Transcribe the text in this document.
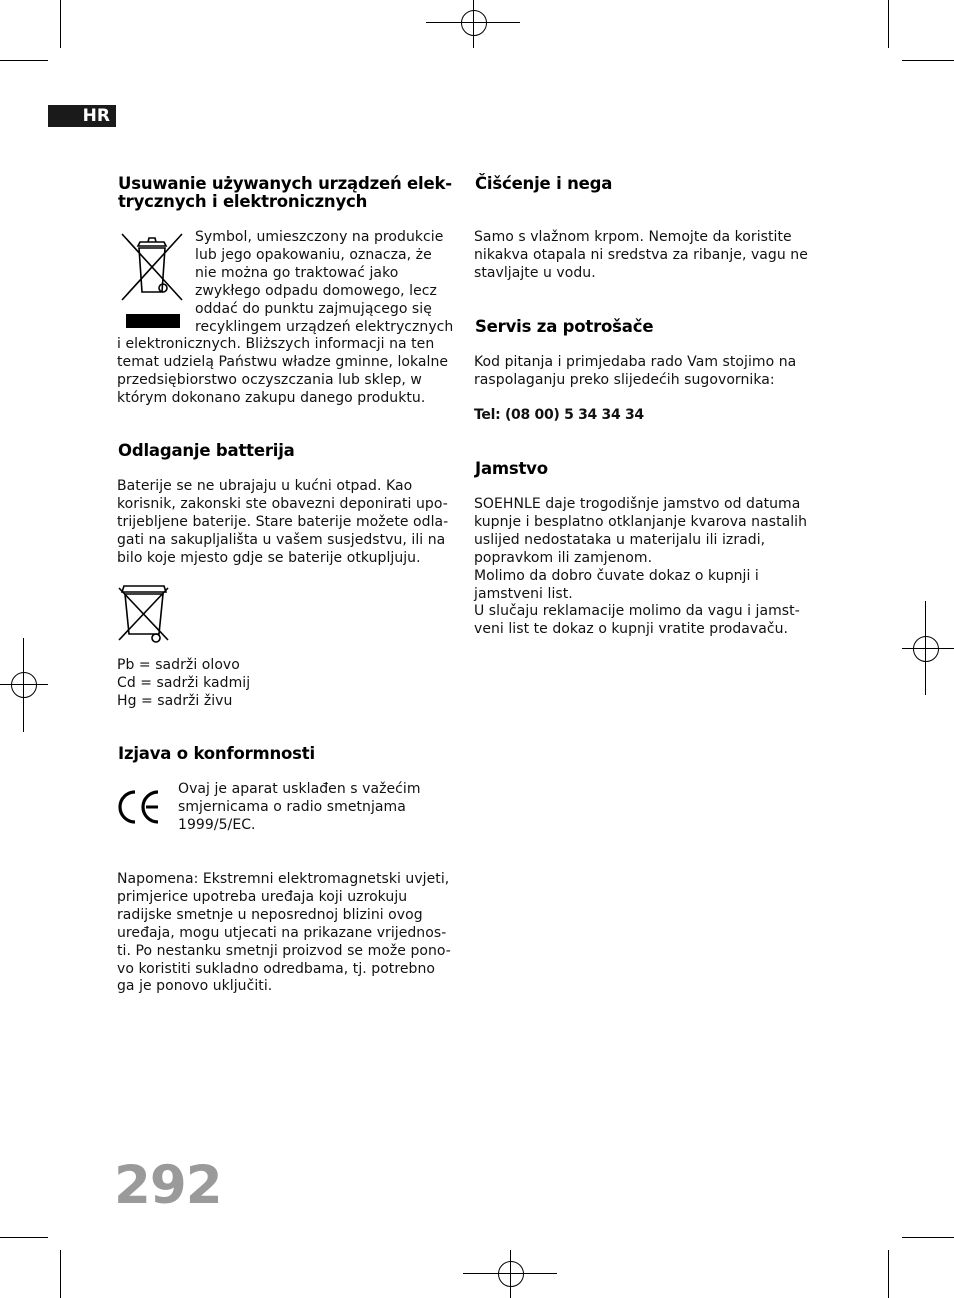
HR
Usuwanie używanych urządzeń elek-
trycznych i elektronicznych

Symbol, umieszczony na produkcie
lub jego opakowaniu, oznacza, że
nie można go traktować jako
zwykłego odpadu domowego, lecz
oddać do punktu zajmującego się
recyklingem urządzeń elektrycznych

i elektronicznych. Bliższych informacji na ten
temat udzielą Państwu władze gminne, lokalne
przedsiębiorstwo oczyszczania lub sklep, w
którym dokonano zakupu danego produktu.

Odlaganje batterija

Baterije se ne ubrajaju u kućni otpad. Kao
korisnik, zakonski ste obavezni deponirati upo-
trijebljene baterije. Stare baterije možete odla-
gati na sakupljališta u vašem susjedstvu, ili na
bilo koje mjesto gdje se baterije otkupljuju.

Pb = sadrži olovo
Cd = sadrži kadmij
Hg = sadrži živu

Izjava o konformnosti

Ovaj je aparat usklađen s važećim
smjernicama o radio smetnjama
1999/5/EC.

Napomena: Ekstremni elektromagnetski uvjeti,
primjerice upotreba uređaja koji uzrokuju
radijske smetnje u neposrednoj blizini ovog
uređaja, mogu utjecati na prikazane vrijednos-
ti. Po nestanku smetnji proizvod se može pono-
vo koristiti sukladno odredbama, tj. potrebno
ga je ponovo uključiti.

Čišćenje i nega

Samo s vlažnom krpom. Nemojte da koristite
nikakva otapala ni sredstva za ribanje, vagu ne
stavljajte u vodu.

Servis za potrošače

Kod pitanja i primjedaba rado Vam stojimo na
raspolaganju preko slijedećih sugovornika:

Tel: (08 00) 5 34 34 34

Jamstvo

SOEHNLE daje trogodišnje jamstvo od datuma
kupnje i besplatno otklanjanje kvarova nastalih
uslijed nedostataka u materijalu ili izradi,
popravkom ili zamjenom.
Molimo da dobro čuvate dokaz o kupnji i
jamstveni list.
U slučaju reklamacije molimo da vagu i jamst-
veni list te dokaz o kupnji vratite prodavaču.

292
